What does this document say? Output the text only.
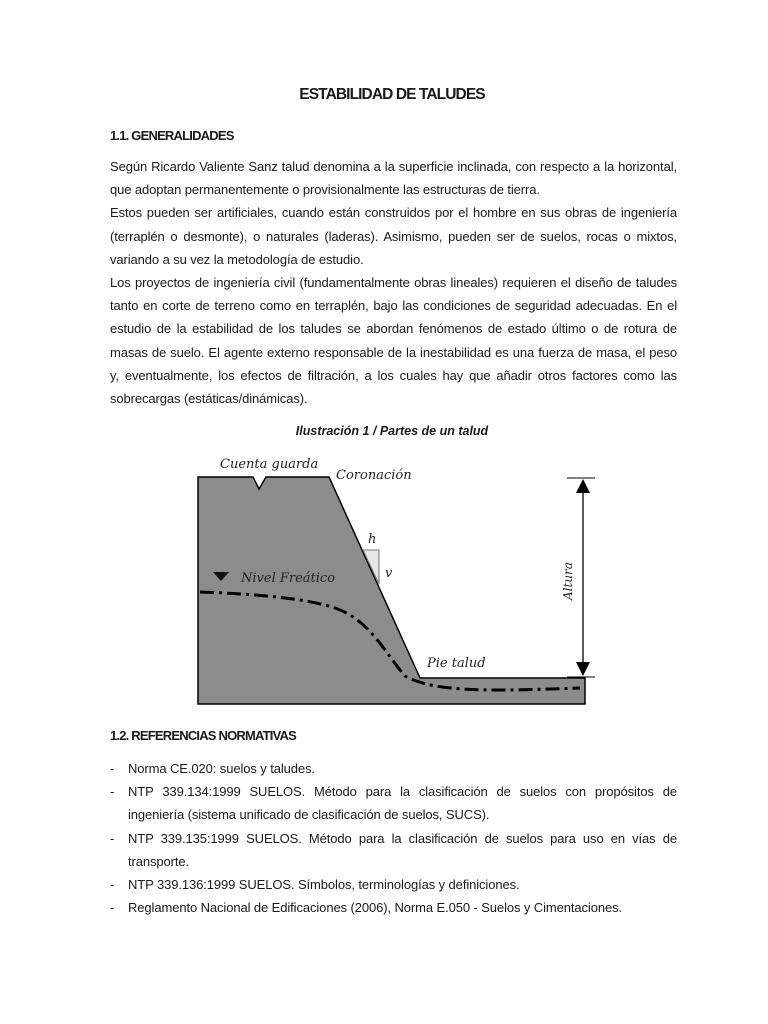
ESTABILIDAD DE TALUDES
1.1. GENERALIDADES

Según Ricardo Valiente Sanz talud denomina a la superficie inclinada, con respecto a la horizontal, que adoptan permanentemente o provisionalmente las estructuras de tierra.

Estos pueden ser artificiales, cuando están construidos por el hombre en sus obras de ingeniería (terraplén o desmonte), o naturales (laderas). Asimismo, pueden ser de suelos, rocas o mixtos, variando a su vez la metodología de estudio.

Los proyectos de ingeniería civil (fundamentalmente obras lineales) requieren el diseño de taludes tanto en corte de terreno como en terraplén, bajo las condiciones de seguridad adecuadas. En el estudio de la estabilidad de los taludes se abordan fenómenos de estado último o de rotura de masas de suelo. El agente externo responsable de la inestabilidad es una fuerza de masa, el peso y, eventualmente, los efectos de filtración, a los cuales hay que añadir otros factores como las sobrecargas (estáticas/dinámicas).

Ilustración 1 / Partes de un talud
Cuenta guarda
Coronación
h
v
Nivel Freático
Pie talud
Altura
1.2. REFERENCIAS NORMATIVAS
- Norma CE.020: suelos y taludes.
- NTP 339.134:1999 SUELOS. Método para la clasificación de suelos con propósitos de ingeniería (sistema unificado de clasificación de suelos, SUCS).
- NTP 339.135:1999 SUELOS. Método para la clasificación de suelos para uso en vías de transporte.
- NTP 339.136:1999 SUELOS. Símbolos, terminologías y definiciones.
- Reglamento Nacional de Edificaciones (2006), Norma E.050 - Suelos y Cimentaciones.
